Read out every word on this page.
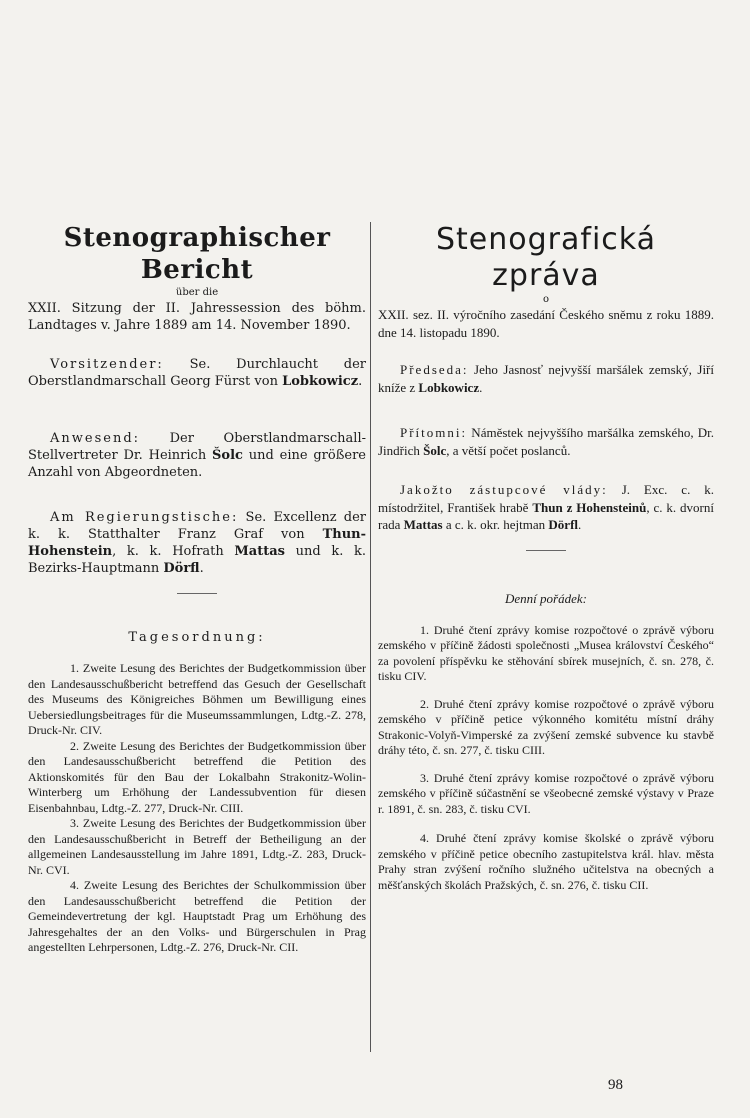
Stenographischer Bericht

über die

XXII. Sitzung der II. Jahressession des böhm. Landtages v. Jahre 1889 am 14. November 1890.

Vorsitzender: Se. Durchlaucht der Oberstlandmarschall Georg Fürst von Lobkowicz.

Anwesend: Der Oberstlandmarschall-Stellvertreter Dr. Heinrich Šolc und eine größere Anzahl von Abgeordneten.

Am Regierungstische: Se. Excellenz der k. k. Statthalter Franz Graf von Thun-Hohenstein, k. k. Hofrath Mattas und k. k. Bezirks-Hauptmann Dörfl.

Tagesordnung:

1. Zweite Lesung des Berichtes der Budgetkommission über den Landesausschußbericht betreffend das Gesuch der Gesellschaft des Museums des Königreiches Böhmen um Bewilligung eines Uebersiedlungsbeitrages für die Museumssammlungen, Ldtg.-Z. 278, Druck-Nr. CIV.

2. Zweite Lesung des Berichtes der Budgetkommission über den Landesausschußbericht betreffend die Petition des Aktionskomités für den Bau der Lokalbahn Strakonitz-Wolin-Winterberg um Erhöhung der Landessubvention für diesen Eisenbahnbau, Ldtg.-Z. 277, Druck-Nr. CIII.

3. Zweite Lesung des Berichtes der Budgetkommission über den Landesausschußbericht in Betreff der Betheiligung an der allgemeinen Landesausstellung im Jahre 1891, Ldtg.-Z. 283, Druck-Nr. CVI.

4. Zweite Lesung des Berichtes der Schulkommission über den Landesausschußbericht betreffend die Petition der Gemeindevertretung der kgl. Hauptstadt Prag um Erhöhung des Jahresgehaltes der an den Volks- und Bürgerschulen in Prag angestellten Lehrpersonen, Ldtg.-Z. 276, Druck-Nr. CII.

Stenografická zpráva

o

XXII. sez. II. výročního zasedání Českého sněmu z roku 1889. dne 14. listopadu 1890.

Předseda: Jeho Jasnosť nejvyšší maršálek zemský, Jiří kníže z Lobkowicz.

Přítomni: Náměstek nejvyššího maršálka zemského, Dr. Jindřich Šolc, a větší počet poslanců.

Jakožto zástupcové vlády: J. Exc. c. k. místodržitel, František hrabě Thun z Hohensteinů, c. k. dvorní rada Mattas a c. k. okr. hejtman Dörfl.

Denní pořádek:

1. Druhé čtení zprávy komise rozpočtové o zprávě výboru zemského v příčině žádosti společnosti „Musea království Českého“ za povolení příspěvku ke stěhování sbírek musejních, č. sn. 278, č. tisku CIV.

2. Druhé čtení zprávy komise rozpočtové o zprávě výboru zemského v příčině petice výkonného komitétu místní dráhy Strakonic-Volyň-Vimperské za zvýšení zemské subvence ku stavbě dráhy této, č. sn. 277, č. tisku CIII.

3. Druhé čtení zprávy komise rozpočtové o zprávě výboru zemského v příčině súčastnění se všeobecné zemské výstavy v Praze r. 1891, č. sn. 283, č. tisku CVI.

4. Druhé čtení zprávy komise školské o zprávě výboru zemského v příčině petice obecního zastupitelstva král. hlav. města Prahy stran zvýšení ročního služného učitelstva na obecných a měšťanských školách Pražských, č. sn. 276, č. tisku CII.

98
